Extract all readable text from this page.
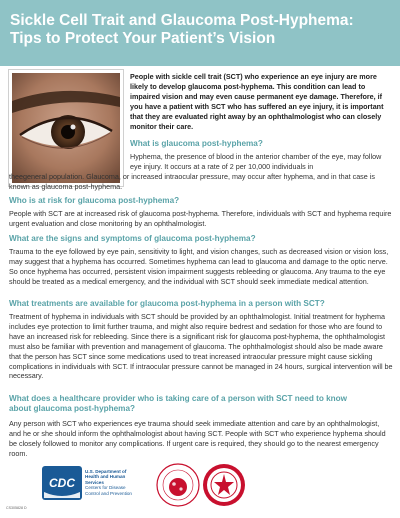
Sickle Cell Trait and Glaucoma Post-Hyphema:
Tips to Protect Your Patient’s Vision

People with sickle cell trait (SCT) who experience an eye injury are more likely to develop glaucoma post-hyphema. This condition can lead to impaired vision and may even cause permanent eye damage. Therefore, if you have a patient with SCT who has suffered an eye injury, it is important that they are evaluated right away by an ophthalmologist who can closely monitor their care.

What is glaucoma post-hyphema?

Hyphema, the presence of blood in the anterior chamber of the eye, may follow eye injury. It occurs at a rate of 2 per 10,000 individuals in

theegeneral population. Glaucoma, or increased intraocular pressure, may occur after hyphema, and in that case is known as glaucoma post-hyphema.

Who is at risk for glaucoma post-hyphema?

People with SCT are at increased risk of glaucoma post-hyphema. Therefore, individuals with SCT and hyphema require urgent evaluation and close monitoring by an ophthalmologist.

What are the signs and symptoms of glaucoma post-hyphema?

Trauma to the eye followed by eye pain, sensitivity to light, and vision changes, such as decreased vision or vision loss, may suggest that a hyphema has occurred. Sometimes hyphema can lead to glaucoma and damage to the optic nerve. So once hyphema has occurred, persistent vision impairment suggests rebleeding or glaucoma. Any trauma to the eye should be treated as a medical emergency, and the individual with SCT should seek immediate medical attention.

What treatments are available for glaucoma post-hyphema in a person with SCT?

Treatment of hyphema in individuals with SCT should be provided by an ophthalmologist. Initial treatment for hyphema includes eye protection to limit further trauma, and might also require bedrest and sedation for those who are found to have an increased risk for rebleeding. Since there is a significant risk for glaucoma post-hyphema, the ophthalmologist must also be familiar with prevention and management of glaucoma. The ophthalmologist should also be made aware that the person has SCT since some medications used to treat increased intraocular pressure might cause sickling complications in individuals with SCT. If intraocular pressure cannot be managed in 24 hours, surgical intervention will be necessary.

What does a healthcare provider who is taking care of a person with SCT need to know
about glaucoma post-hyphema?

Any person with SCT who experiences eye trauma should seek immediate attention and care by an ophthalmologist, and he or she should inform the ophthalmologist about having SCT. People with SCT who experience hyphema should be closely followed to monitor any complications. If urgent care is required, they should go to the nearest emergency room.

CDC
U.S. Department of
Health and Human Services
Centers for Disease
Control and Prevention
CS305828 D
